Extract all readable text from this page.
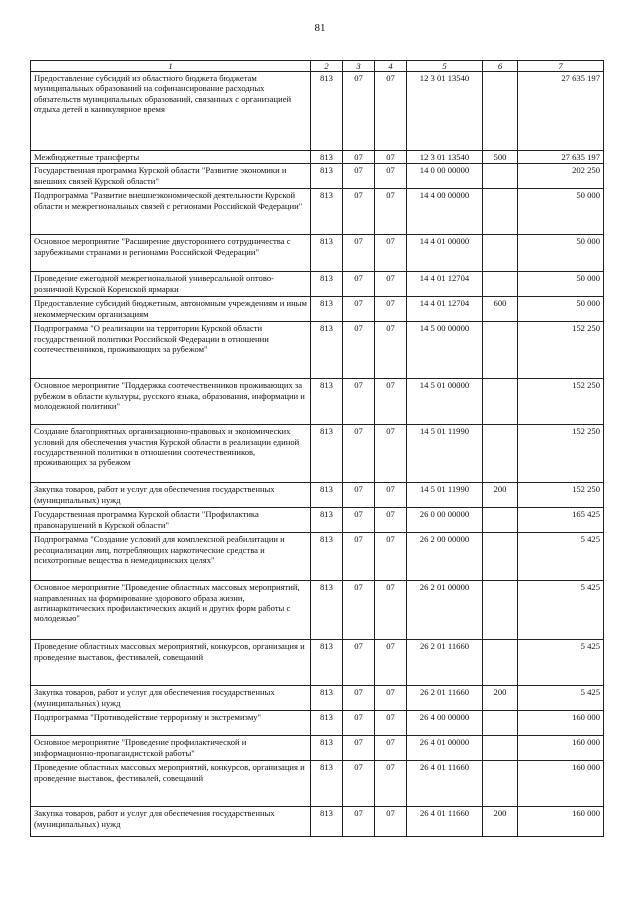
81
1	2	3	4	5	6	7
Предоставление субсидий из областного бюджета бюджетам муниципальных образований на софинансирование расходных обязательств муниципальных образований, связанных с организацией отдыха детей в каникулярное время	813	07	07	12 3 01 13540		27 635 197
Межбюджетные трансферты	813	07	07	12 3 01 13540	500	27 635 197
Государственная программа Курской области "Развитие экономики и внешних связей Курской области"	813	07	07	14 0 00 00000		202 250
Подпрограмма "Развитие внешнеэкономической деятельности Курской области и межрегиональных связей с регионами Российской Федерации"	813	07	07	14 4 00 00000		50 000
Основное мероприятие "Расширение двустороннего сотрудничества с зарубежными странами и регионами Российской Федерации"	813	07	07	14 4 01 00000		50 000
Проведение ежегодной межрегиональной универсальной оптово-розничной Курской Коренской ярмарки	813	07	07	14 4 01 12704		50 000
Предоставление субсидий бюджетным, автономным учреждениям и иным некоммерческим организациям	813	07	07	14 4 01 12704	600	50 000
Подпрограмма "О реализации на территории Курской области государственной политики Российской Федерации в отношении соотечественников, проживающих за рубежом"	813	07	07	14 5 00 00000		152 250
Основное мероприятие "Поддержка соотечественников проживающих за рубежом в области культуры, русского языка, образования, информации и молодежной политики"	813	07	07	14 5 01 00000		152 250
Создание благоприятных организационно-правовых и экономических условий для обеспечения участия Курской области в реализации единой государственной политики в отношении соотечественников, проживающих за рубежом	813	07	07	14 5 01 11990		152 250
Закупка товаров, работ и услуг для обеспечения государственных (муниципальных) нужд	813	07	07	14 5 01 11990	200	152 250
Государственная программа Курской области "Профилактика правонарушений в Курской области"	813	07	07	26 0 00 00000		165 425
Подпрограмма "Создание условий для комплексной реабилитации и ресоциализации лиц, потребляющих наркотические средства и психотропные вещества в немедицинских целях"	813	07	07	26 2 00 00000		5 425
Основное мероприятие "Проведение областных массовых мероприятий, направленных на формирование здорового образа жизни, антинаркотических профилактических акций и других форм работы с молодежью"	813	07	07	26 2 01 00000		5 425
Проведение областных массовых мероприятий, конкурсов, организация и проведение выставок, фестивалей, совещаний	813	07	07	26 2 01 11660		5 425
Закупка товаров, работ и услуг для обеспечения государственных (муниципальных) нужд	813	07	07	26 2 01 11660	200	5 425
Подпрограмма "Противодействие терроризму и экстремизму"	813	07	07	26 4 00 00000		160 000
Основное мероприятие "Проведение профилактической и информационно-пропагандистской работы"	813	07	07	26 4 01 00000		160 000
Проведение областных массовых мероприятий, конкурсов, организация и проведение выставок, фестивалей, совещаний	813	07	07	26 4 01 11660		160 000
Закупка товаров, работ и услуг для обеспечения государственных (муниципальных) нужд	813	07	07	26 4 01 11660	200	160 000
